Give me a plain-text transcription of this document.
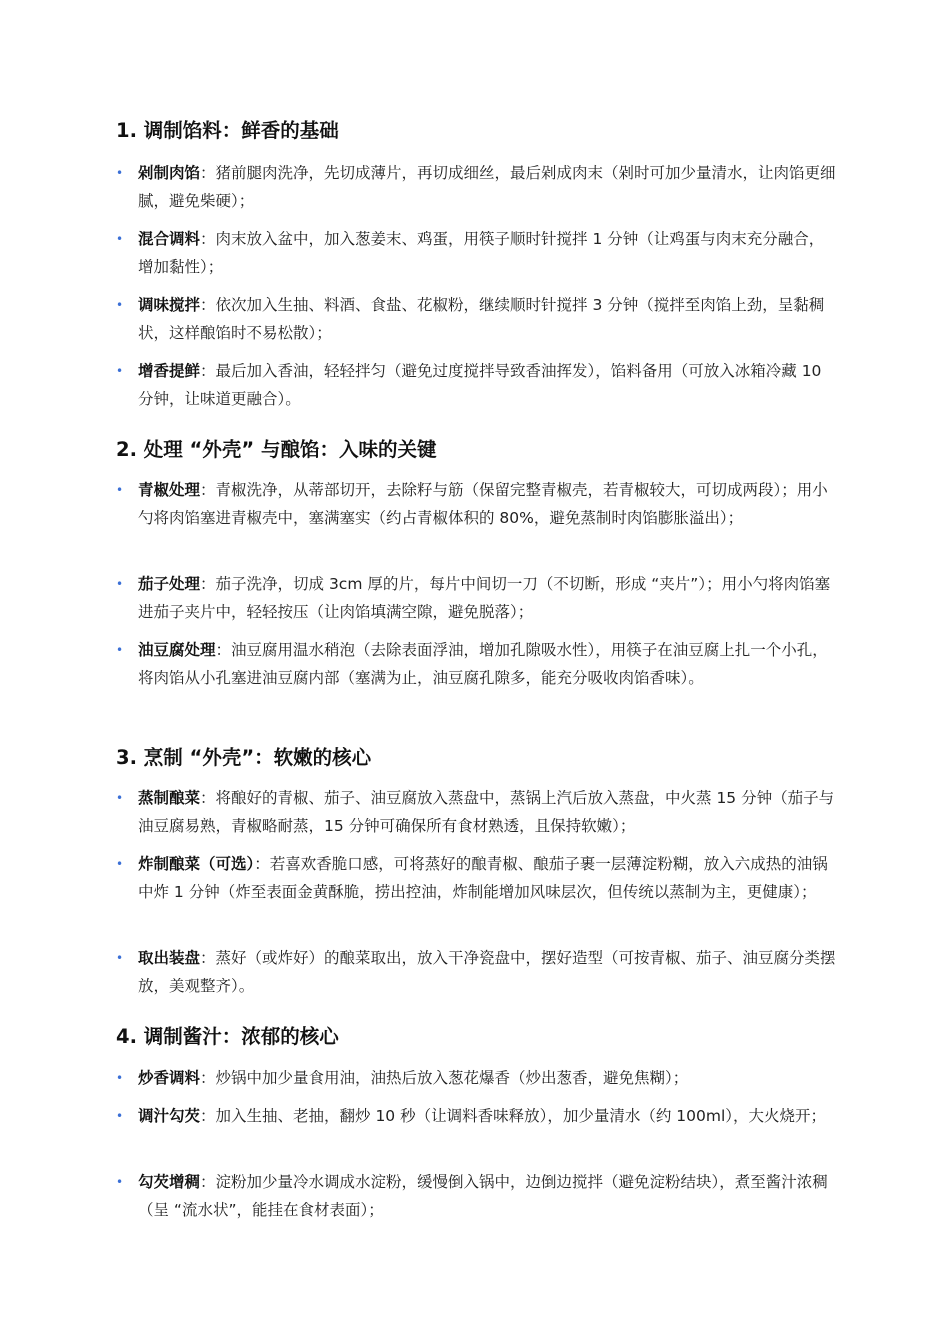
1. 调制馅料：鲜香的基础
• 剁制肉馅：猪前腿肉洗净，先切成薄片，再切成细丝，最后剁成肉末（剁时可加少量清水，让肉馅更细腻，避免柴硬）；
• 混合调料：肉末放入盆中，加入葱姜末、鸡蛋，用筷子顺时针搅拌 1 分钟（让鸡蛋与肉末充分融合，增加黏性）；
• 调味搅拌：依次加入生抽、料酒、食盐、花椒粉，继续顺时针搅拌 3 分钟（搅拌至肉馅上劲，呈黏稠状，这样酿馅时不易松散）；
• 增香提鲜：最后加入香油，轻轻拌匀（避免过度搅拌导致香油挥发），馅料备用（可放入冰箱冷藏 10 分钟，让味道更融合）。
2. 处理 “外壳” 与酿馅：入味的关键
• 青椒处理：青椒洗净，从蒂部切开，去除籽与筋（保留完整青椒壳，若青椒较大，可切成两段）；用小勺将肉馅塞进青椒壳中，塞满塞实（约占青椒体积的 80%，避免蒸制时肉馅膨胀溢出）；
• 茄子处理：茄子洗净，切成 3cm 厚的片，每片中间切一刀（不切断，形成 “夹片”）；用小勺将肉馅塞进茄子夹片中，轻轻按压（让肉馅填满空隙，避免脱落）；
• 油豆腐处理：油豆腐用温水稍泡（去除表面浮油，增加孔隙吸水性），用筷子在油豆腐上扎一个小孔，将肉馅从小孔塞进油豆腐内部（塞满为止，油豆腐孔隙多，能充分吸收肉馅香味）。
3. 烹制 “外壳”：软嫩的核心
• 蒸制酿菜：将酿好的青椒、茄子、油豆腐放入蒸盘中，蒸锅上汽后放入蒸盘，中火蒸 15 分钟（茄子与油豆腐易熟，青椒略耐蒸，15 分钟可确保所有食材熟透，且保持软嫩）；
• 炸制酿菜（可选）：若喜欢香脆口感，可将蒸好的酿青椒、酿茄子裹一层薄淀粉糊，放入六成热的油锅中炸 1 分钟（炸至表面金黄酥脆，捞出控油，炸制能增加风味层次，但传统以蒸制为主，更健康）；
• 取出装盘：蒸好（或炸好）的酿菜取出，放入干净瓷盘中，摆好造型（可按青椒、茄子、油豆腐分类摆放，美观整齐）。
4. 调制酱汁：浓郁的核心
• 炒香调料：炒锅中加少量食用油，油热后放入葱花爆香（炒出葱香，避免焦糊）；
• 调汁勾芡：加入生抽、老抽，翻炒 10 秒（让调料香味释放），加少量清水（约 100ml），大火烧开；
• 勾芡增稠：淀粉加少量冷水调成水淀粉，缓慢倒入锅中，边倒边搅拌（避免淀粉结块），煮至酱汁浓稠（呈 “流水状”，能挂在食材表面）；
